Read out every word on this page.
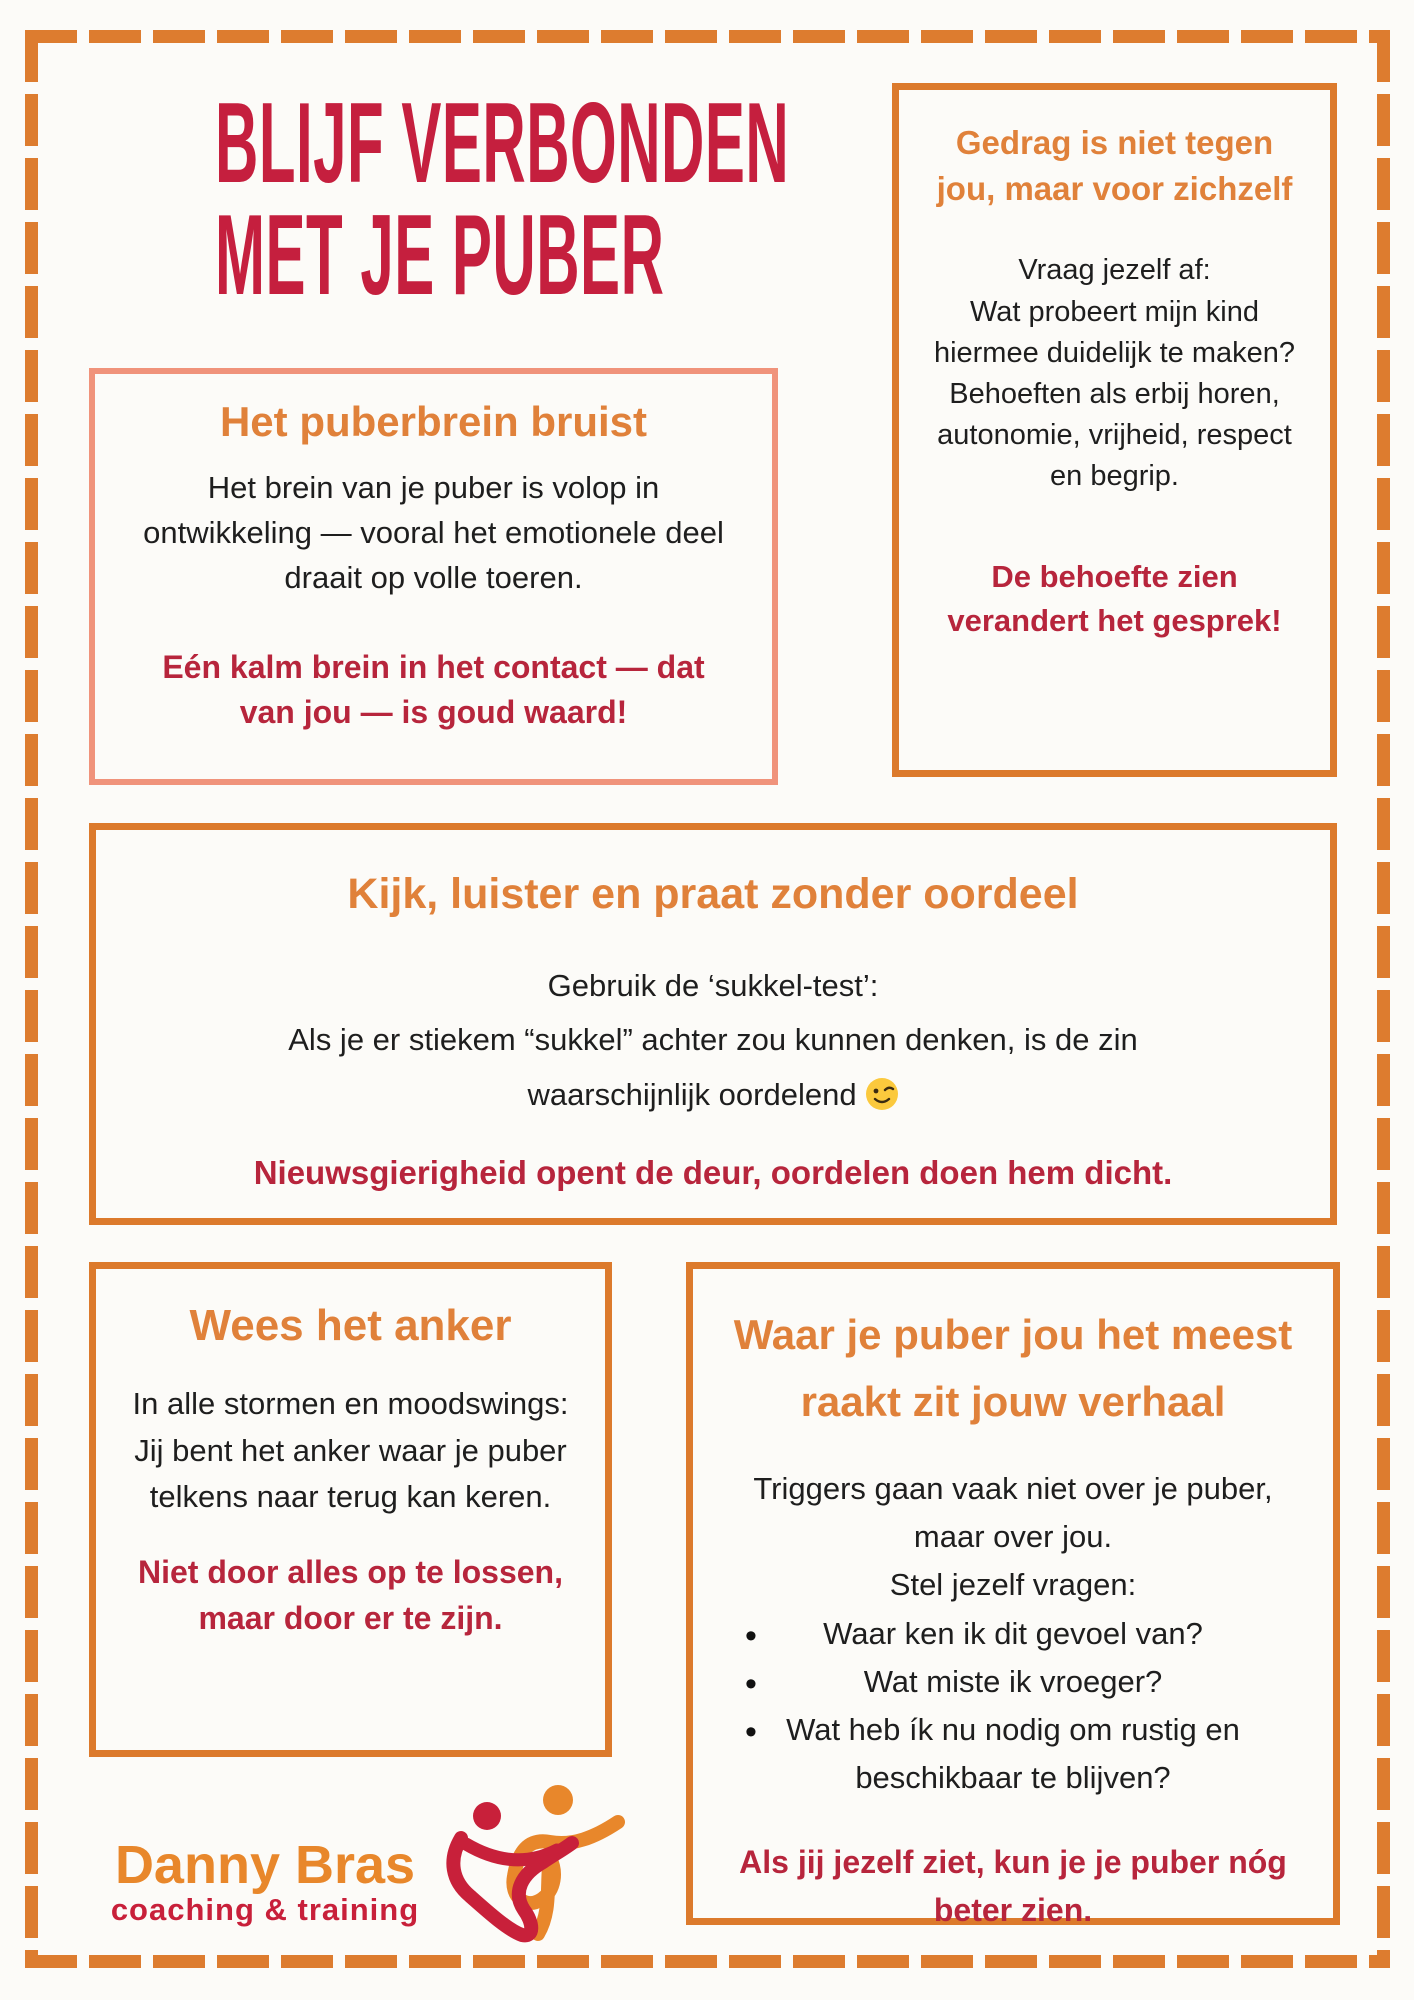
BLIJF VERBONDEN
MET JE PUBER
Het puberbrein bruist

Het brein van je puber is volop in ontwikkeling — vooral het emotionele deel draait op volle toeren.

Eén kalm brein in het contact — dat van jou — is goud waard!

Gedrag is niet tegen jou, maar voor zichzelf
Vraag jezelf af:
Wat probeert mijn kind hiermee duidelijk te maken?
Behoeften als erbij horen, autonomie, vrijheid, respect en begrip.

De behoefte zien verandert het gesprek!

Kijk, luister en praat zonder oordeel
Gebruik de ‘sukkel-test’:
Als je er stiekem “sukkel” achter zou kunnen denken, is de zin
waarschijnlijk oordelend

Nieuwsgierigheid opent de deur, oordelen doen hem dicht.

Wees het anker
In alle stormen en moodswings:
Jij bent het anker waar je puber telkens naar terug kan keren.

Niet door alles op te lossen, maar door er te zijn.

Waar je puber jou het meest raakt zit jouw verhaal
Triggers gaan vaak niet over je puber, maar over jou.
Stel jezelf vragen:
• Waar ken ik dit gevoel van?
• Wat miste ik vroeger?
• Wat heb ík nu nodig om rustig en beschikbaar te blijven?

Als jij jezelf ziet, kun je je puber nóg beter zien.

Danny Bras
coaching & training
